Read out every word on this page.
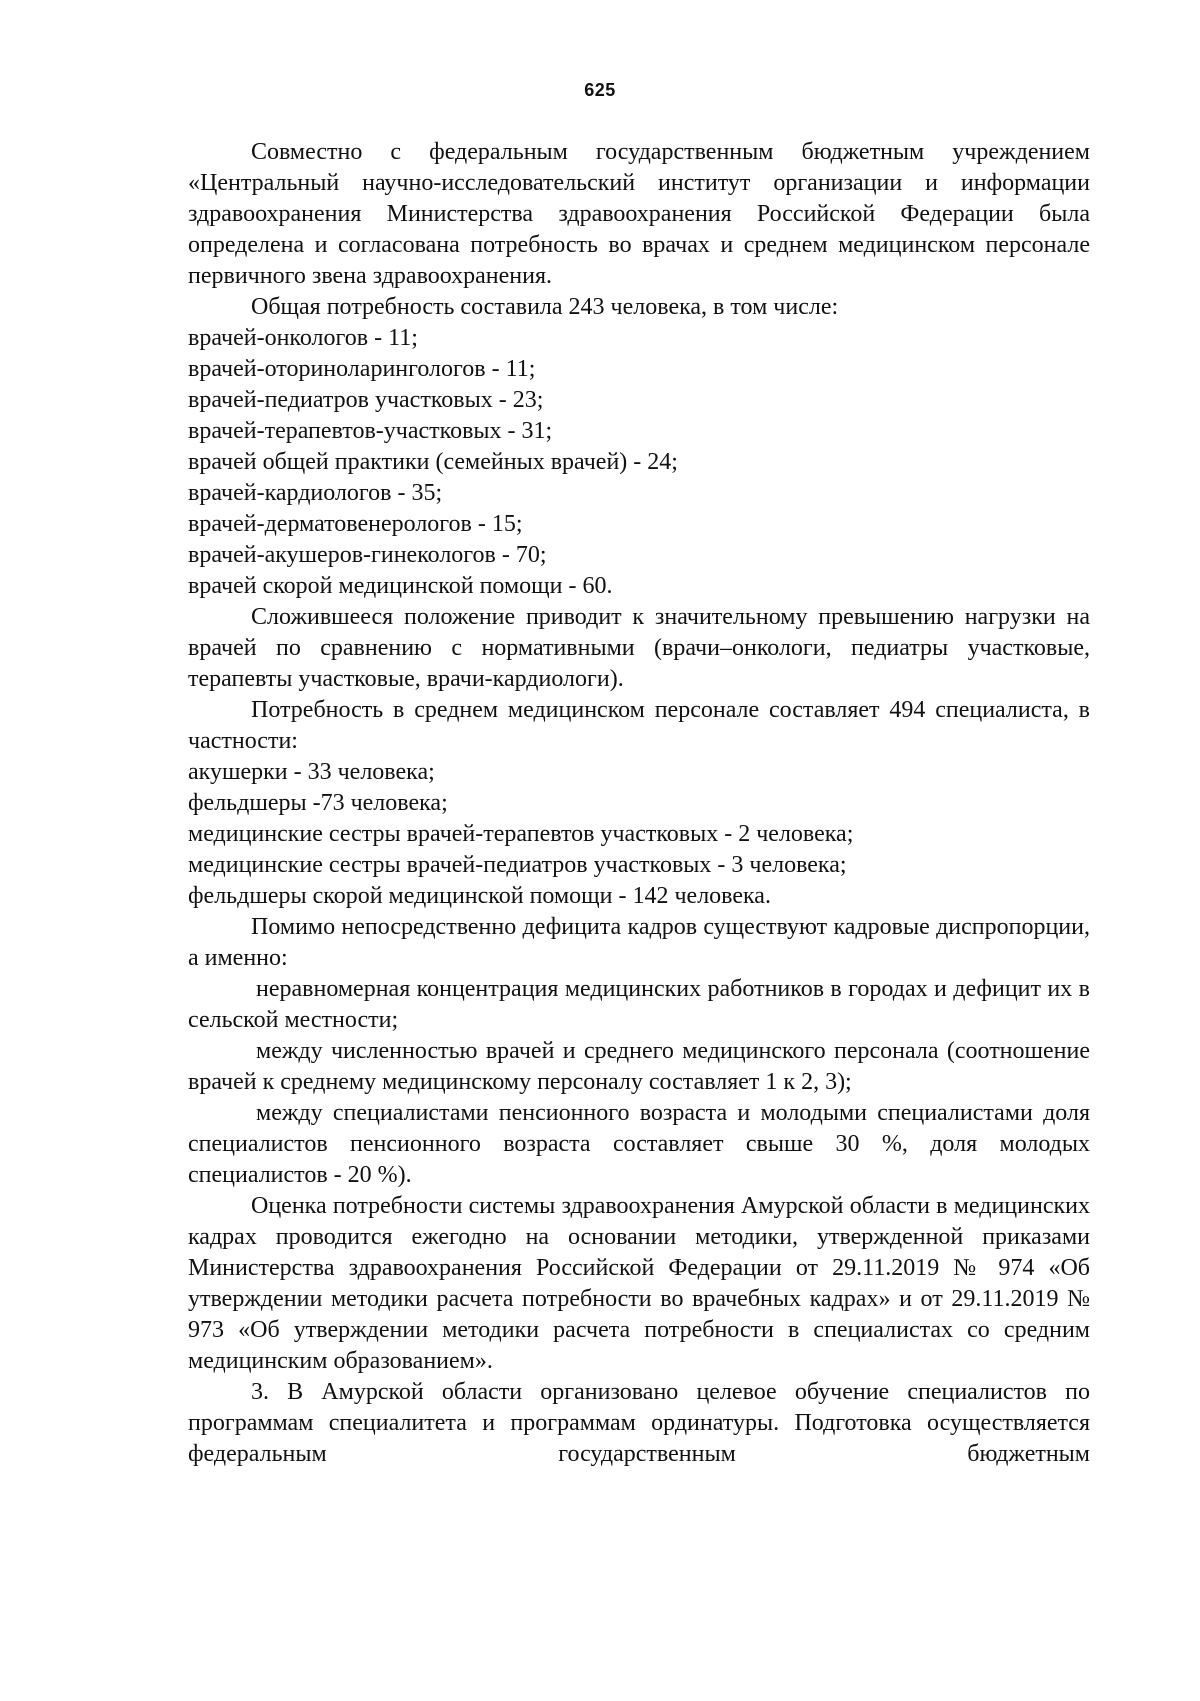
625

Совместно с федеральным государственным бюджетным учреждением «Центральный научно-исследовательский институт организации и информации здравоохранения Министерства здравоохранения Российской Федерации была определена и согласована потребность во врачах и среднем медицинском персонале первичного звена здравоохранения.

Общая потребность составила 243 человека, в том числе:

врачей-онкологов - 11;

врачей-оториноларингологов - 11;

врачей-педиатров участковых - 23;

врачей-терапевтов-участковых - 31;

врачей общей практики (семейных врачей) - 24;

врачей-кардиологов - 35;

врачей-дерматовенерологов - 15;

врачей-акушеров-гинекологов - 70;

врачей скорой медицинской помощи - 60.

Сложившееся положение приводит к значительному превышению нагрузки на врачей по сравнению с нормативными (врачи–онкологи, педиатры участковые, терапевты участковые, врачи-кардиологи).

Потребность в среднем медицинском персонале составляет 494 специалиста, в частности:

акушерки - 33 человека;

фельдшеры -73 человека;

медицинские сестры врачей-терапевтов участковых - 2 человека;

медицинские сестры врачей-педиатров участковых - 3 человека;

фельдшеры скорой медицинской помощи - 142 человека.

Помимо непосредственно дефицита кадров существуют кадровые диспропорции, а именно:

неравномерная концентрация медицинских работников в городах и дефицит их в сельской местности;

между численностью врачей и среднего медицинского персонала (соотношение врачей к среднему медицинскому персоналу составляет 1 к 2, 3);

между специалистами пенсионного возраста и молодыми специалистами доля специалистов пенсионного возраста составляет свыше 30 %, доля молодых специалистов - 20 %).

Оценка потребности системы здравоохранения Амурской области в медицинских кадрах проводится ежегодно на основании методики, утвержденной приказами Министерства здравоохранения Российской Федерации от 29.11.2019 № 974 «Об утверждении методики расчета потребности во врачебных кадрах» и от 29.11.2019 № 973 «Об утверждении методики расчета потребности в специалистах со средним медицинским образованием».

3. В Амурской области организовано целевое обучение специалистов по программам специалитета и программам ординатуры. Подготовка осуществляется федеральным государственным бюджетным
